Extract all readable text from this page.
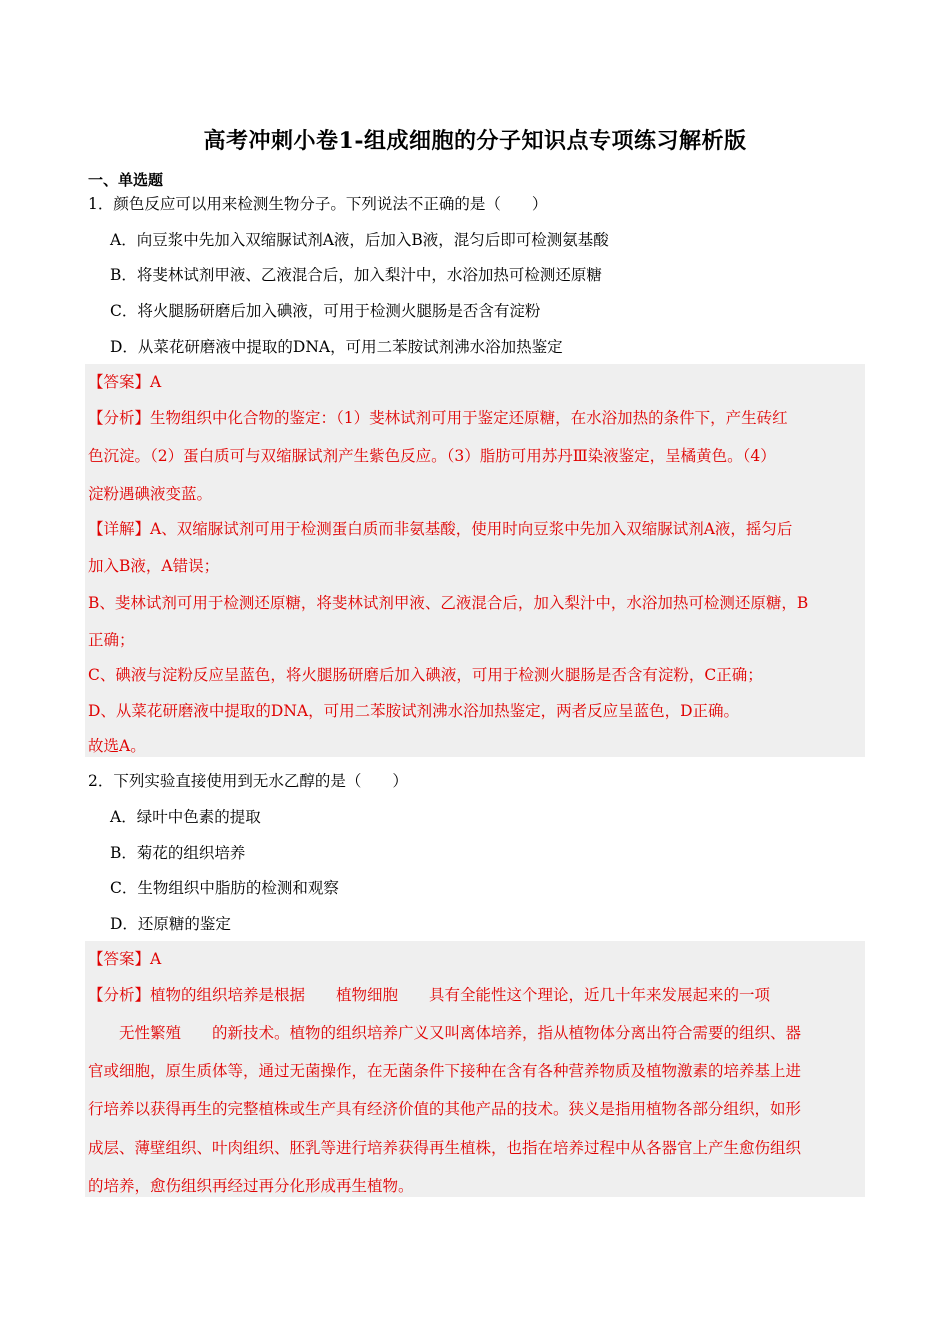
高考冲刺小卷1-组成细胞的分子知识点专项练习解析版
一、单选题
1．颜色反应可以用来检测生物分子。下列说法不正确的是（　　）
A．向豆浆中先加入双缩脲试剂A液，后加入B液，混匀后即可检测氨基酸
B．将斐林试剂甲液、乙液混合后，加入梨汁中，水浴加热可检测还原糖
C．将火腿肠研磨后加入碘液，可用于检测火腿肠是否含有淀粉
D．从菜花研磨液中提取的DNA，可用二苯胺试剂沸水浴加热鉴定
【答案】A
【分析】生物组织中化合物的鉴定：（1）斐林试剂可用于鉴定还原糖，在水浴加热的条件下，产生砖红
色沉淀。（2）蛋白质可与双缩脲试剂产生紫色反应。（3）脂肪可用苏丹Ⅲ染液鉴定，呈橘黄色。（4）
淀粉遇碘液变蓝。
【详解】A、双缩脲试剂可用于检测蛋白质而非氨基酸，使用时向豆浆中先加入双缩脲试剂A液，摇匀后
加入B液，A错误；
B、斐林试剂可用于检测还原糖，将斐林试剂甲液、乙液混合后，加入梨汁中，水浴加热可检测还原糖，B
正确；
C、碘液与淀粉反应呈蓝色，将火腿肠研磨后加入碘液，可用于检测火腿肠是否含有淀粉，C正确；
D、从菜花研磨液中提取的DNA，可用二苯胺试剂沸水浴加热鉴定，两者反应呈蓝色，D正确。
故选A。
2．下列实验直接使用到无水乙醇的是（　　）
A．绿叶中色素的提取
B．菊花的组织培养
C．生物组织中脂肪的检测和观察
D．还原糖的鉴定
【答案】A
【分析】植物的组织培养是根据　　植物细胞　　具有全能性这个理论，近几十年来发展起来的一项
　　无性繁殖　　的新技术。植物的组织培养广义又叫离体培养，指从植物体分离出符合需要的组织、器
官或细胞，原生质体等，通过无菌操作，在无菌条件下接种在含有各种营养物质及植物激素的培养基上进
行培养以获得再生的完整植株或生产具有经济价值的其他产品的技术。狭义是指用植物各部分组织，如形
成层、薄壁组织、叶肉组织、胚乳等进行培养获得再生植株，也指在培养过程中从各器官上产生愈伤组织
的培养，愈伤组织再经过再分化形成再生植物。
